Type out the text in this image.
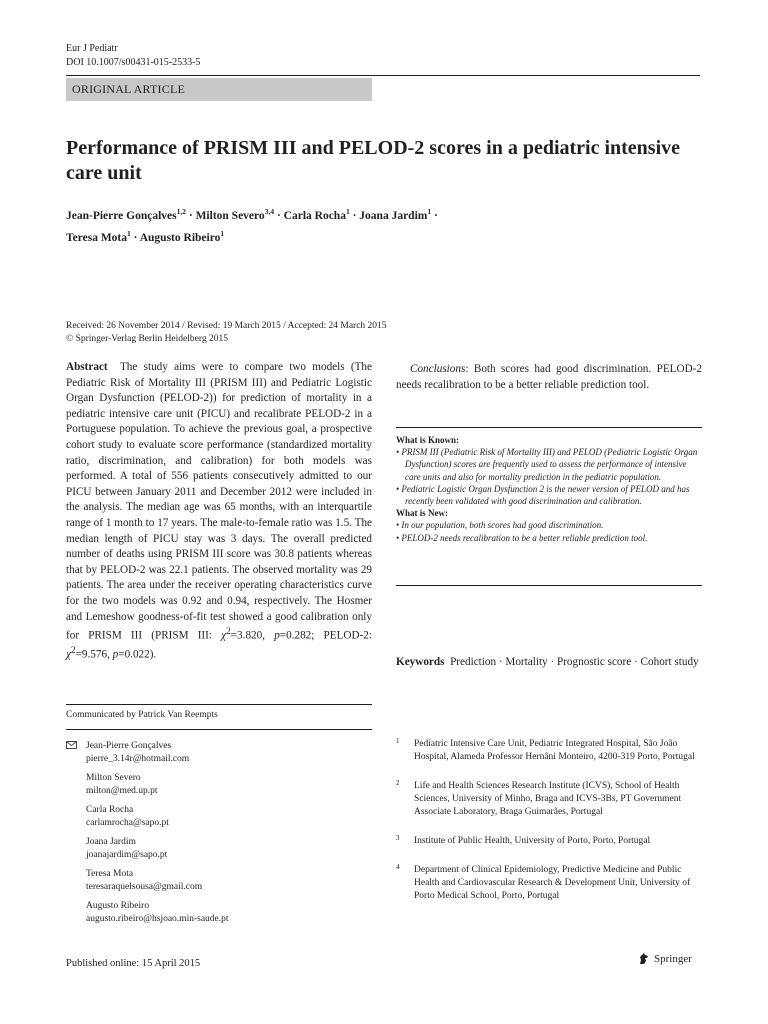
Eur J Pediatr
DOI 10.1007/s00431-015-2533-5
ORIGINAL ARTICLE
Performance of PRISM III and PELOD-2 scores in a pediatric intensive care unit
Jean-Pierre Gonçalves$^{1,2}$ · Milton Severo$^{3,4}$ · Carla Rocha$^1$ · Joana Jardim$^1$ ·
Teresa Mota$^1$ · Augusto Ribeiro$^1$
Received: 26 November 2014 / Revised: 19 March 2015 / Accepted: 24 March 2015
© Springer-Verlag Berlin Heidelberg 2015
Abstract The study aims were to compare two models (The Pediatric Risk of Mortality III (PRISM III) and Pediatric Logistic Organ Dysfunction (PELOD-2)) for prediction of mortality in a pediatric intensive care unit (PICU) and recalibrate PELOD-2 in a Portuguese population. To achieve the previous goal, a prospective cohort study to evaluate score performance (standardized mortality ratio, discrimination, and calibration) for both models was performed. A total of 556 patients consecutively admitted to our PICU between January 2011 and December 2012 were included in the analysis. The median age was 65 months, with an interquartile range of 1 month to 17 years. The male-to-female ratio was 1.5. The median length of PICU stay was 3 days. The overall predicted number of deaths using PRISM III score was 30.8 patients whereas that by PELOD-2 was 22.1 patients. The observed mortality was 29 patients. The area under the receiver operating characteristics curve for the two models was 0.92 and 0.94, respectively. The Hosmer and Lemeshow goodness-of-fit test showed a good calibration only for PRISM III (PRISM III: $\chi^2=3.820$, p=0.282; PELOD-2: $\chi^2=9.576$, p=0.022).
Conclusions: Both scores had good discrimination. PELOD-2 needs recalibration to be a better reliable prediction tool.
What is Known:
• PRISM III (Pediatric Risk of Mortality III) and PELOD (Pediatric Logistic Organ Dysfunction) scores are frequently used to assess the performance of intensive care units and also for mortality prediction in the pediatric population.
• Pediatric Logistic Organ Dysfunction 2 is the newer version of PELOD and has recently been validated with good discrimination and calibration.
What is New:
• In our population, both scores had good discrimination.
• PELOD-2 needs recalibration to be a better reliable prediction tool.
Keywords Prediction · Mortality · Prognostic score · Cohort study
Communicated by Patrick Van Reempts
Jean-Pierre Gonçalves
pierre_3.14r@hotmail.com
Milton Severo
milton@med.up.pt
Carla Rocha
carlamrocha@sapo.pt
Joana Jardim
joanajardim@sapo.pt
Teresa Mota
teresaraquelsousa@gmail.com
Augusto Ribeiro
augusto.ribeiro@hsjoao.min-saude.pt
1 Pediatric Intensive Care Unit, Pediatric Integrated Hospital, São João Hospital, Alameda Professor Hernâni Monteiro, 4200-319 Porto, Portugal
2 Life and Health Sciences Research Institute (ICVS), School of Health Sciences, University of Minho, Braga and ICVS-3Bs, PT Government Associate Laboratory, Braga Guimarães, Portugal
3 Institute of Public Health, University of Porto, Porto, Portugal
4 Department of Clinical Epidemiology, Predictive Medicine and Public Health and Cardiovascular Research & Development Unit, University of Porto Medical School, Porto, Portugal
Published online: 15 April 2015	Springer
